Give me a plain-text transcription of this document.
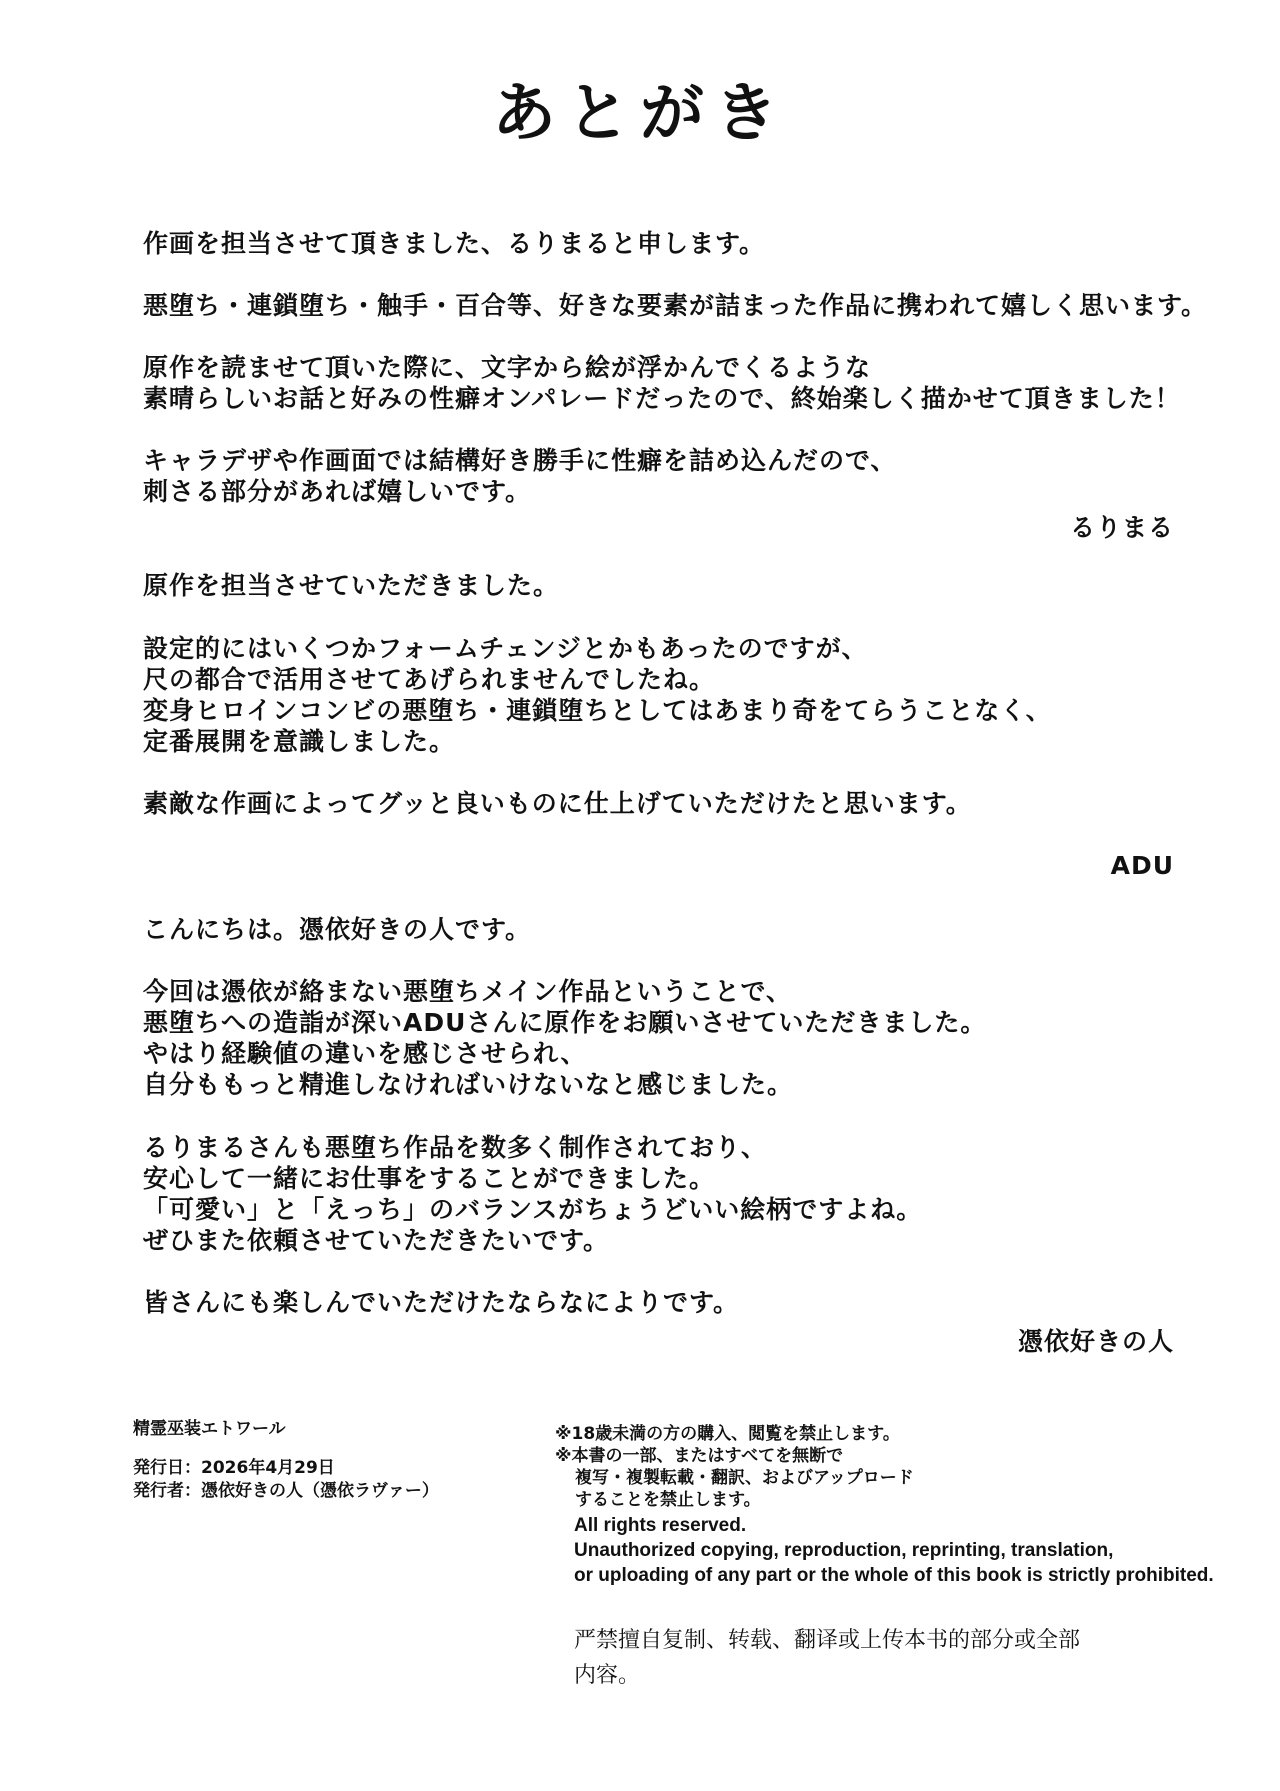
あとがき
作画を担当させて頂きました、るりまると申します。
悪堕ち・連鎖堕ち・触手・百合等、好きな要素が詰まった作品に携われて嬉しく思います。
原作を読ませて頂いた際に、文字から絵が浮かんでくるような
素晴らしいお話と好みの性癖オンパレードだったので、終始楽しく描かせて頂きました！
キャラデザや作画面では結構好き勝手に性癖を詰め込んだので、
刺さる部分があれば嬉しいです。
るりまる
原作を担当させていただきました。
設定的にはいくつかフォームチェンジとかもあったのですが、
尺の都合で活用させてあげられませんでしたね。
変身ヒロインコンビの悪堕ち・連鎖堕ちとしてはあまり奇をてらうことなく、
定番展開を意識しました。
素敵な作画によってグッと良いものに仕上げていただけたと思います。
ADU
こんにちは。憑依好きの人です。
今回は憑依が絡まない悪堕ちメイン作品ということで、
悪堕ちへの造詣が深いADUさんに原作をお願いさせていただきました。
やはり経験値の違いを感じさせられ、
自分ももっと精進しなければいけないなと感じました。
るりまるさんも悪堕ち作品を数多く制作されており、
安心して一緒にお仕事をすることができました。
「可愛い」と「えっち」のバランスがちょうどいい絵柄ですよね。
ぜひまた依頼させていただきたいです。
皆さんにも楽しんでいただけたならなによりです。
憑依好きの人
精霊巫装エトワール
発行日：2026年4月29日
発行者：憑依好きの人（憑依ラヴァー）
※18歳未満の方の購入、閲覧を禁止します。
※本書の一部、またはすべてを無断で
複写・複製転載・翻訳、およびアップロード
することを禁止します。
All rights reserved.
Unauthorized copying, reproduction, reprinting, translation,
or uploading of any part or the whole of this book is strictly prohibited.
严禁擅自复制、转载、翻译或上传本书的部分或全部
内容。
